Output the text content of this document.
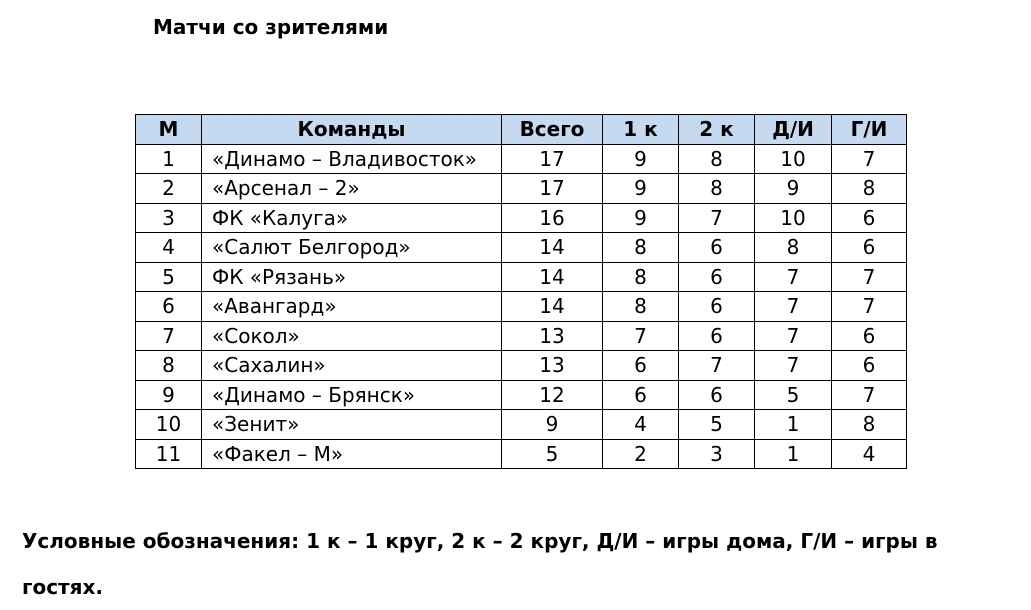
Матчи со зрителями
М	Команды	Всего	1 к	2 к	Д/И	Г/И
1	«Динамо – Владивосток»	17	9	8	10	7
2	«Арсенал – 2»	17	9	8	9	8
3	ФК «Калуга»	16	9	7	10	6
4	«Салют Белгород»	14	8	6	8	6
5	ФК «Рязань»	14	8	6	7	7
6	«Авангард»	14	8	6	7	7
7	«Сокол»	13	7	6	7	6
8	«Сахалин»	13	6	7	7	6
9	«Динамо – Брянск»	12	6	6	5	7
10	«Зенит»	9	4	5	1	8
11	«Факел – М»	5	2	3	1	4
Условные обозначения: 1 к – 1 круг, 2 к – 2 круг, Д/И – игры дома, Г/И – игры в гостях.
